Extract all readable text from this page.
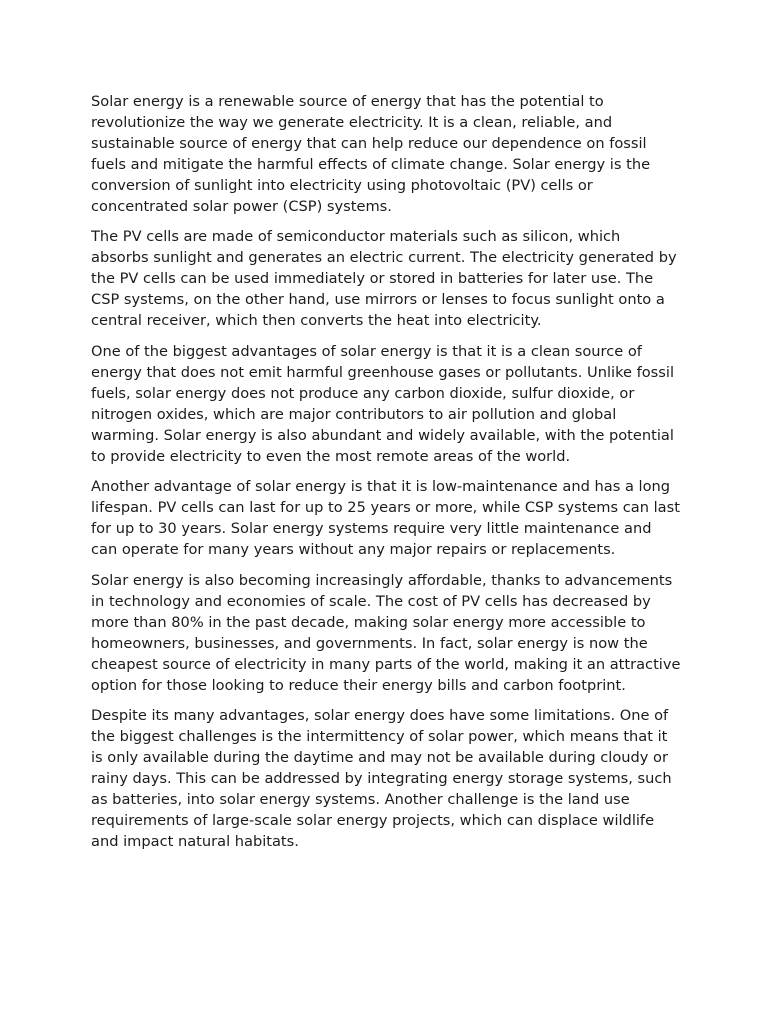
Solar energy is a renewable source of energy that has the potential to revolutionize the way we generate electricity. It is a clean, reliable, and sustainable source of energy that can help reduce our dependence on fossil fuels and mitigate the harmful effects of climate change. Solar energy is the conversion of sunlight into electricity using photovoltaic (PV) cells or concentrated solar power (CSP) systems.

The PV cells are made of semiconductor materials such as silicon, which absorbs sunlight and generates an electric current. The electricity generated by the PV cells can be used immediately or stored in batteries for later use. The CSP systems, on the other hand, use mirrors or lenses to focus sunlight onto a central receiver, which then converts the heat into electricity.

One of the biggest advantages of solar energy is that it is a clean source of energy that does not emit harmful greenhouse gases or pollutants. Unlike fossil fuels, solar energy does not produce any carbon dioxide, sulfur dioxide, or nitrogen oxides, which are major contributors to air pollution and global warming. Solar energy is also abundant and widely available, with the potential to provide electricity to even the most remote areas of the world.

Another advantage of solar energy is that it is low-maintenance and has a long lifespan. PV cells can last for up to 25 years or more, while CSP systems can last for up to 30 years. Solar energy systems require very little maintenance and can operate for many years without any major repairs or replacements.

Solar energy is also becoming increasingly affordable, thanks to advancements in technology and economies of scale. The cost of PV cells has decreased by more than 80% in the past decade, making solar energy more accessible to homeowners, businesses, and governments. In fact, solar energy is now the cheapest source of electricity in many parts of the world, making it an attractive option for those looking to reduce their energy bills and carbon footprint.

Despite its many advantages, solar energy does have some limitations. One of the biggest challenges is the intermittency of solar power, which means that it is only available during the daytime and may not be available during cloudy or rainy days. This can be addressed by integrating energy storage systems, such as batteries, into solar energy systems. Another challenge is the land use requirements of large-scale solar energy projects, which can displace wildlife and impact natural habitats.
